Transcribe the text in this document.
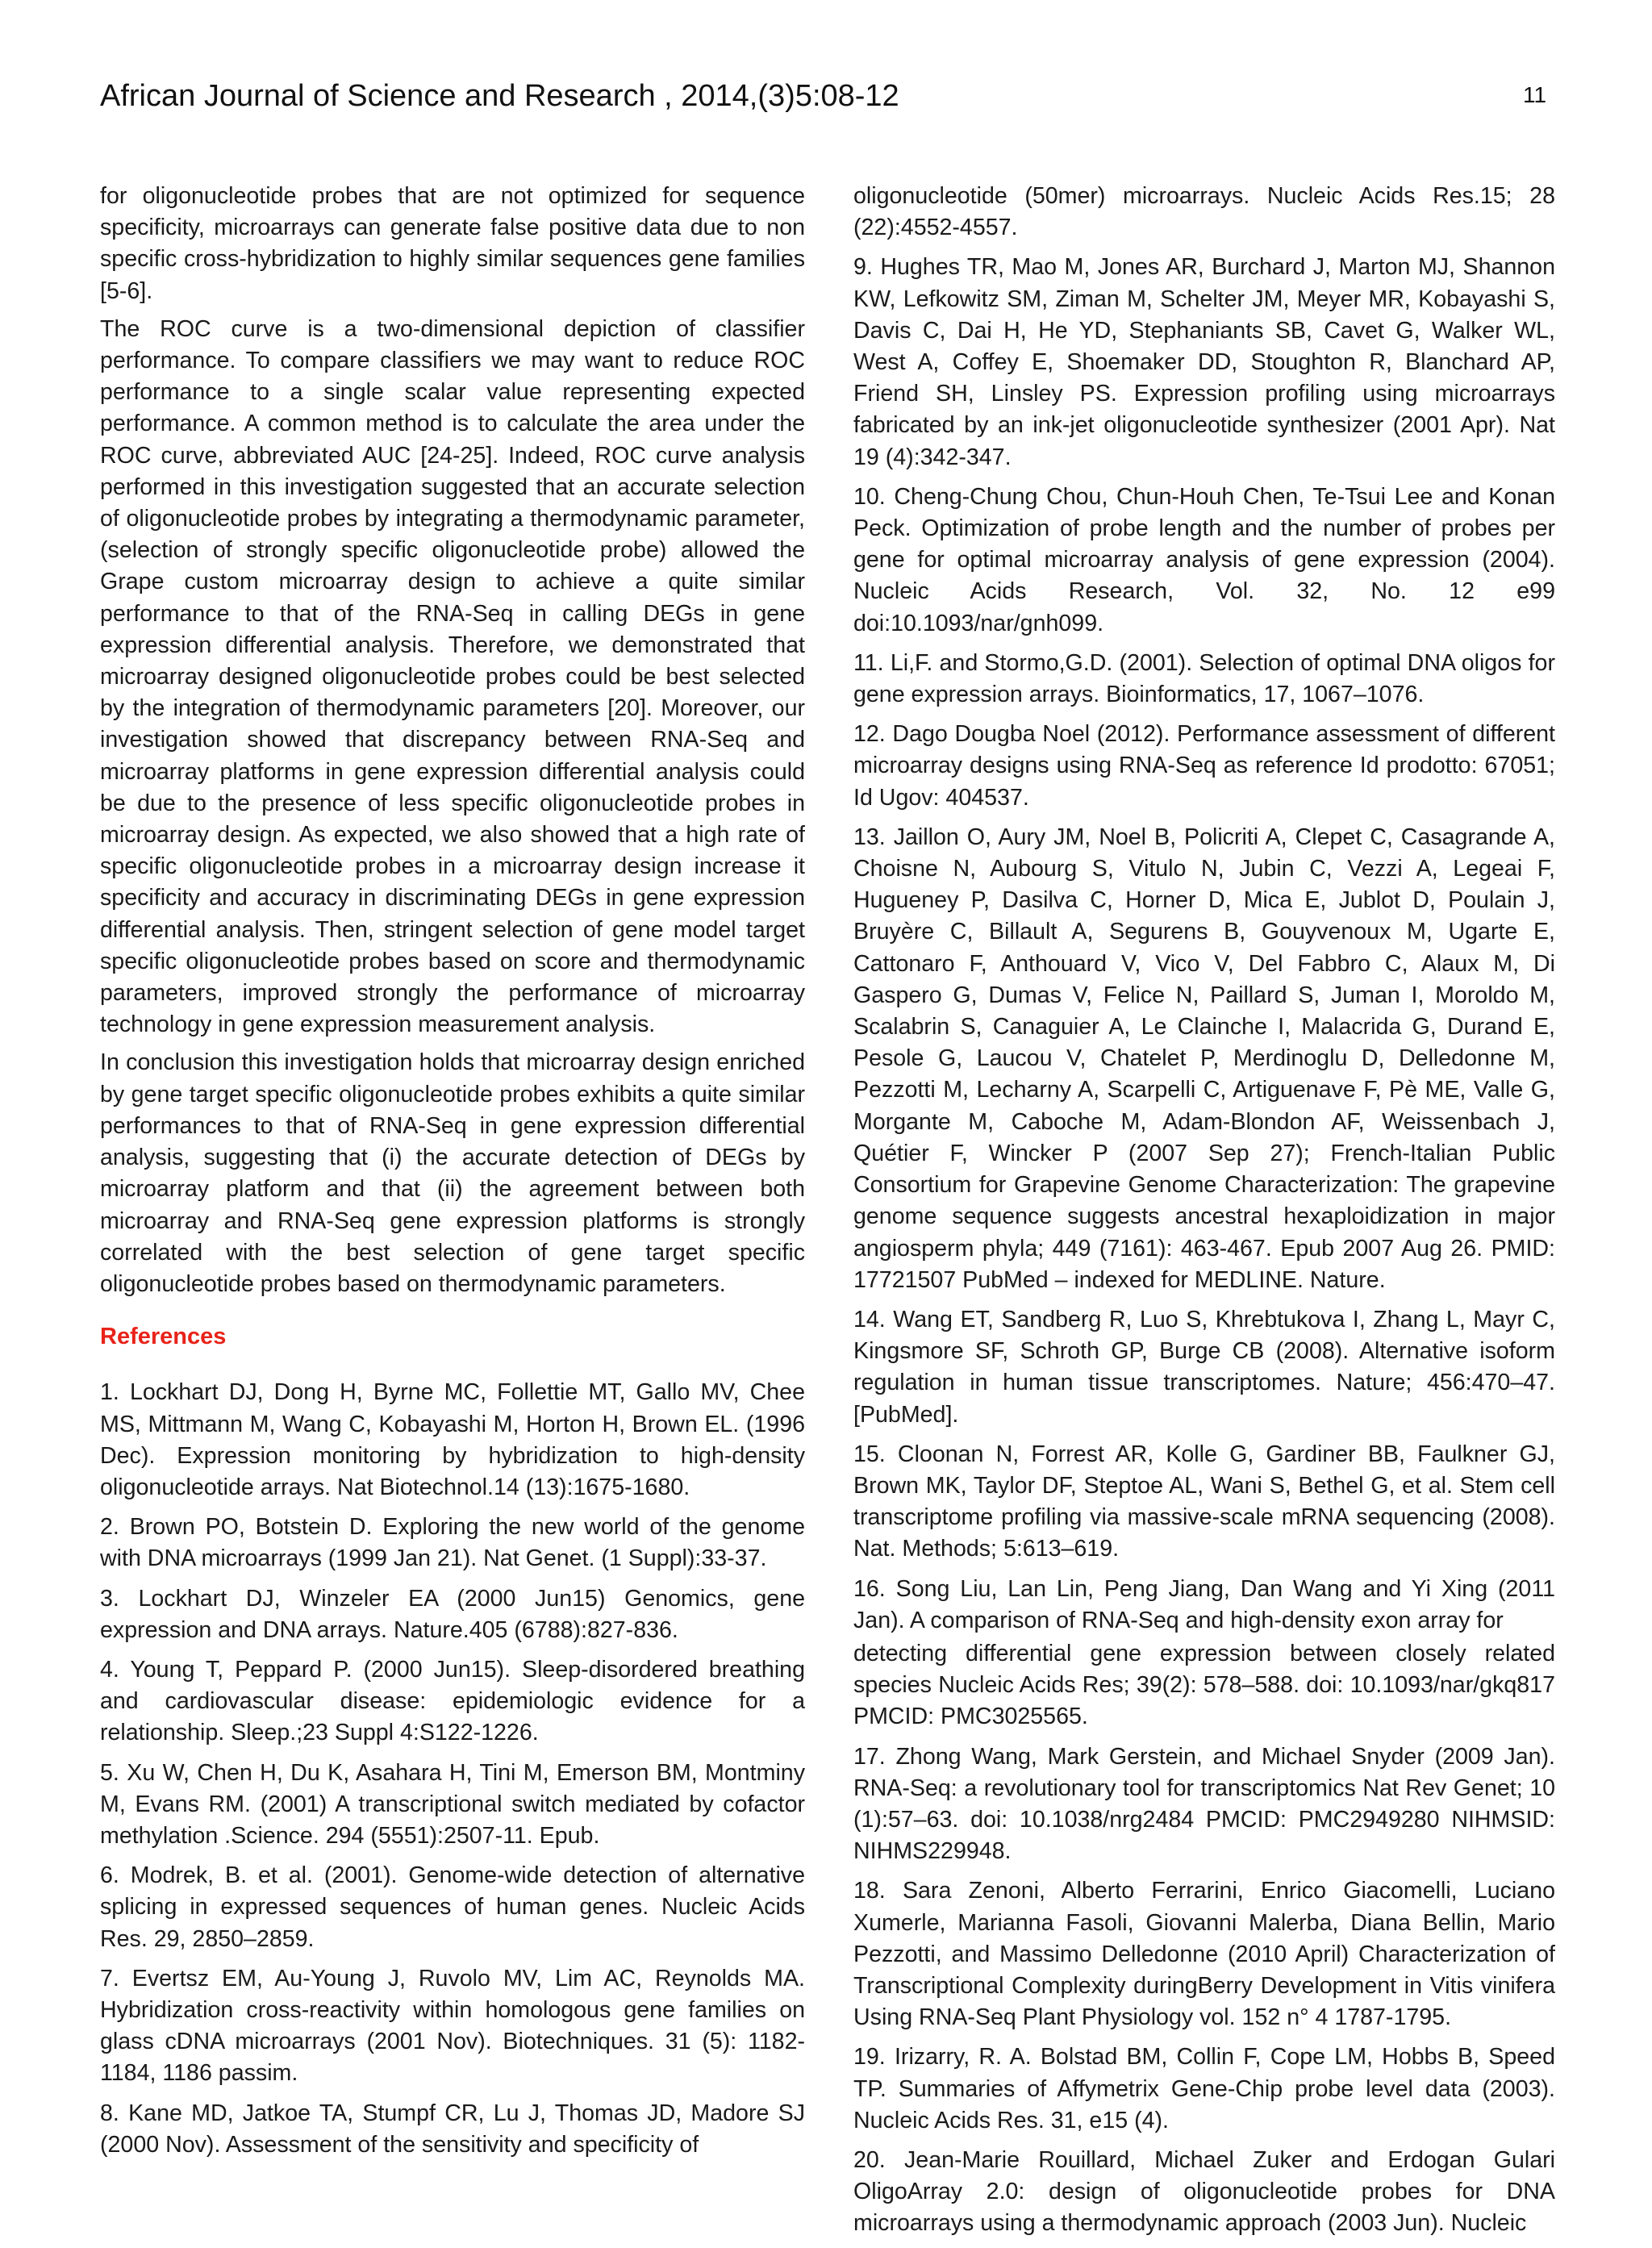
African Journal of Science and Research , 2014,(3)5:08-12	11

for oligonucleotide probes that are not optimized for sequence specificity, microarrays can generate false positive data due to non specific cross-hybridization to highly similar sequences gene families [5-6].

The ROC curve is a two-dimensional depiction of classifier performance. To compare classifiers we may want to reduce ROC performance to a single scalar value representing expected performance. A common method is to calculate the area under the ROC curve, abbreviated AUC [24-25]. Indeed, ROC curve analysis performed in this investigation suggested that an accurate selection of oligonucleotide probes by integrating a thermodynamic parameter, (selection of strongly specific oligonucleotide probe) allowed the Grape custom microarray design to achieve a quite similar performance to that of the RNA-Seq in calling DEGs in gene expression differential analysis. Therefore, we demonstrated that microarray designed oligonucleotide probes could be best selected by the integration of thermodynamic parameters [20]. Moreover, our investigation showed that discrepancy between RNA-Seq and microarray platforms in gene expression differential analysis could be due to the presence of less specific oligonucleotide probes in microarray design. As expected, we also showed that a high rate of specific oligonucleotide probes in a microarray design increase it specificity and accuracy in discriminating DEGs in gene expression differential analysis. Then, stringent selection of gene model target specific oligonucleotide probes based on score and thermodynamic parameters, improved strongly the performance of microarray technology in gene expression measurement analysis.

In conclusion this investigation holds that microarray design enriched by gene target specific oligonucleotide probes exhibits a quite similar performances to that of RNA-Seq in gene expression differential analysis, suggesting that (i) the accurate detection of DEGs by microarray platform and that (ii) the agreement between both microarray and RNA-Seq gene expression platforms is strongly correlated with the best selection of gene target specific oligonucleotide probes based on thermodynamic parameters.

References

1. Lockhart DJ, Dong H, Byrne MC, Follettie MT, Gallo MV, Chee MS, Mittmann M, Wang C, Kobayashi M, Horton H, Brown EL. (1996 Dec). Expression monitoring by hybridization to high-density oligonucleotide arrays. Nat Biotechnol.14 (13):1675-1680.

2. Brown PO, Botstein D. Exploring the new world of the genome with DNA microarrays (1999 Jan 21). Nat Genet. (1 Suppl):33-37.

3. Lockhart DJ, Winzeler EA (2000 Jun15) Genomics, gene expression and DNA arrays. Nature.405 (6788):827-836.

4. Young T, Peppard P. (2000 Jun15). Sleep-disordered breathing and cardiovascular disease: epidemiologic evidence for a relationship. Sleep.;23 Suppl 4:S122-1226.

5. Xu W, Chen H, Du K, Asahara H, Tini M, Emerson BM, Montminy M, Evans RM. (2001) A transcriptional switch mediated by cofactor methylation .Science. 294 (5551):2507-11. Epub.

6. Modrek, B. et al. (2001). Genome-wide detection of alternative splicing in expressed sequences of human genes. Nucleic Acids Res. 29, 2850–2859.

7. Evertsz EM, Au-Young J, Ruvolo MV, Lim AC, Reynolds MA. Hybridization cross-reactivity within homologous gene families on glass cDNA microarrays (2001 Nov). Biotechniques. 31 (5): 1182-1184, 1186 passim.

8. Kane MD, Jatkoe TA, Stumpf CR, Lu J, Thomas JD, Madore SJ (2000 Nov). Assessment of the sensitivity and specificity of

oligonucleotide (50mer) microarrays. Nucleic Acids Res.15; 28 (22):4552-4557.

9. Hughes TR, Mao M, Jones AR, Burchard J, Marton MJ, Shannon KW, Lefkowitz SM, Ziman M, Schelter JM, Meyer MR, Kobayashi S, Davis C, Dai H, He YD, Stephaniants SB, Cavet G, Walker WL, West A, Coffey E, Shoemaker DD, Stoughton R, Blanchard AP, Friend SH, Linsley PS. Expression profiling using microarrays fabricated by an ink-jet oligonucleotide synthesizer (2001 Apr). Nat 19 (4):342-347.

10. Cheng-Chung Chou, Chun-Houh Chen, Te-Tsui Lee and Konan Peck. Optimization of probe length and the number of probes per gene for optimal microarray analysis of gene expression (2004). Nucleic Acids Research, Vol. 32, No. 12 e99 doi:10.1093/nar/gnh099.

11. Li,F. and Stormo,G.D. (2001). Selection of optimal DNA oligos for gene expression arrays. Bioinformatics, 17, 1067–1076.

12. Dago Dougba Noel (2012). Performance assessment of different microarray designs using RNA-Seq as reference Id prodotto: 67051; Id Ugov: 404537.

13. Jaillon O, Aury JM, Noel B, Policriti A, Clepet C, Casagrande A, Choisne N, Aubourg S, Vitulo N, Jubin C, Vezzi A, Legeai F, Hugueney P, Dasilva C, Horner D, Mica E, Jublot D, Poulain J, Bruyère C, Billault A, Segurens B, Gouyvenoux M, Ugarte E, Cattonaro F, Anthouard V, Vico V, Del Fabbro C, Alaux M, Di Gaspero G, Dumas V, Felice N, Paillard S, Juman I, Moroldo M, Scalabrin S, Canaguier A, Le Clainche I, Malacrida G, Durand E, Pesole G, Laucou V, Chatelet P, Merdinoglu D, Delledonne M, Pezzotti M, Lecharny A, Scarpelli C, Artiguenave F, Pè ME, Valle G, Morgante M, Caboche M, Adam-Blondon AF, Weissenbach J, Quétier F, Wincker P (2007 Sep 27); French-Italian Public Consortium for Grapevine Genome Characterization: The grapevine genome sequence suggests ancestral hexaploidization in major angiosperm phyla; 449 (7161): 463-467. Epub 2007 Aug 26. PMID: 17721507 PubMed – indexed for MEDLINE. Nature.

14. Wang ET, Sandberg R, Luo S, Khrebtukova I, Zhang L, Mayr C, Kingsmore SF, Schroth GP, Burge CB (2008). Alternative isoform regulation in human tissue transcriptomes. Nature; 456:470–47. [PubMed].

15. Cloonan N, Forrest AR, Kolle G, Gardiner BB, Faulkner GJ, Brown MK, Taylor DF, Steptoe AL, Wani S, Bethel G, et al. Stem cell transcriptome profiling via massive-scale mRNA sequencing (2008). Nat. Methods; 5:613–619.

16. Song Liu, Lan Lin, Peng Jiang, Dan Wang and Yi Xing (2011 Jan). A comparison of RNA-Seq and high-density exon array for

detecting differential gene expression between closely related species Nucleic Acids Res; 39(2): 578–588. doi: 10.1093/nar/gkq817 PMCID: PMC3025565.

17. Zhong Wang, Mark Gerstein, and Michael Snyder (2009 Jan). RNA-Seq: a revolutionary tool for transcriptomics Nat Rev Genet; 10 (1):57–63. doi: 10.1038/nrg2484 PMCID: PMC2949280 NIHMSID: NIHMS229948.

18. Sara Zenoni, Alberto Ferrarini, Enrico Giacomelli, Luciano Xumerle, Marianna Fasoli, Giovanni Malerba, Diana Bellin, Mario Pezzotti, and Massimo Delledonne (2010 April) Characterization of Transcriptional Complexity duringBerry Development in Vitis vinifera Using RNA-Seq Plant Physiology vol. 152 n° 4 1787-1795.

19. Irizarry, R. A. Bolstad BM, Collin F, Cope LM, Hobbs B, Speed TP. Summaries of Affymetrix Gene-Chip probe level data (2003). Nucleic Acids Res. 31, e15 (4).

20. Jean-Marie Rouillard, Michael Zuker and Erdogan Gulari OligoArray 2.0: design of oligonucleotide probes for DNA microarrays using a thermodynamic approach (2003 Jun). Nucleic
